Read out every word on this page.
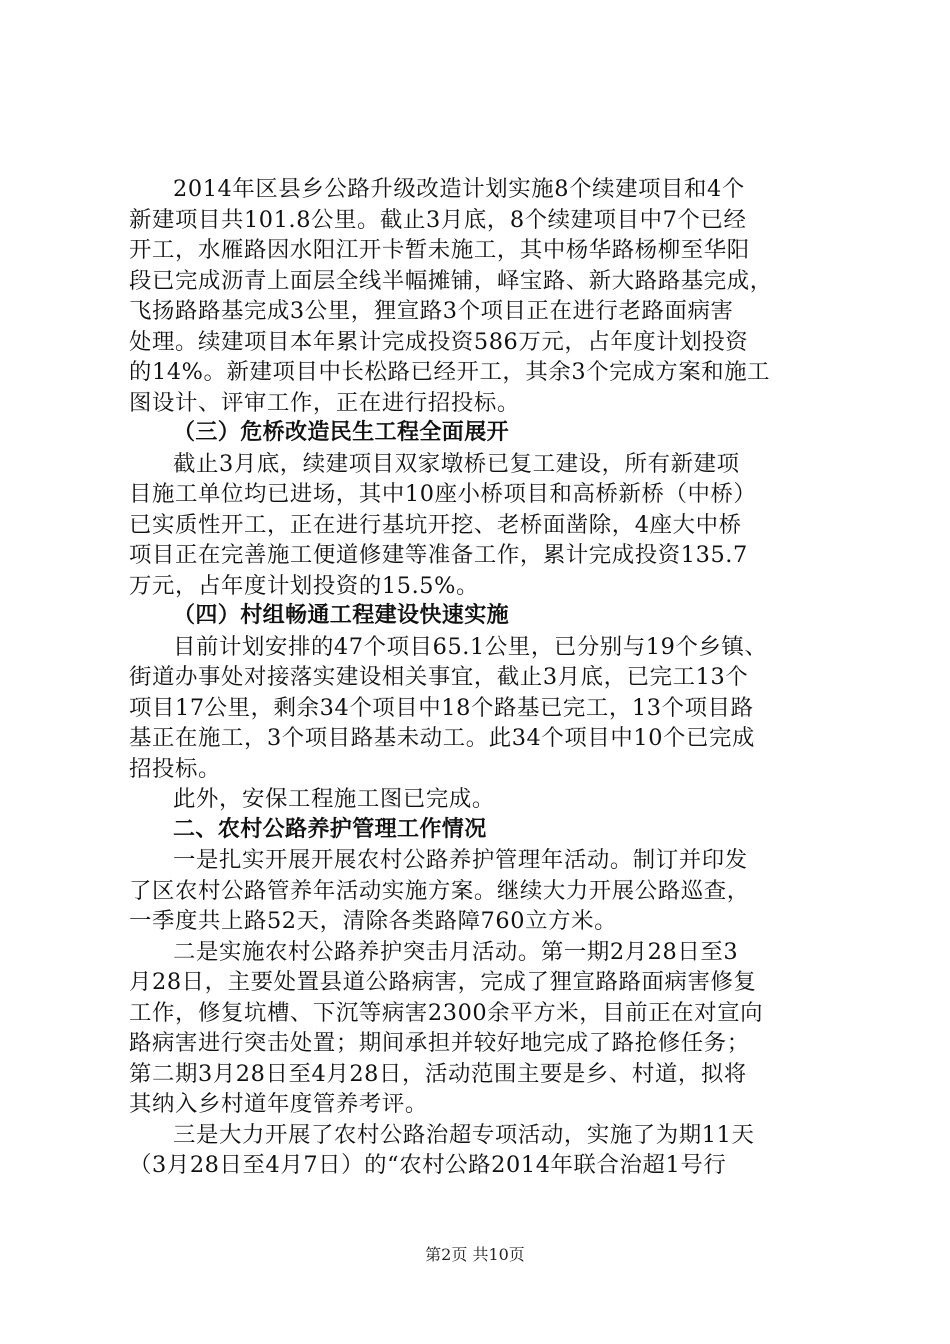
2014年区县乡公路升级改造计划实施8个续建项目和4个
新建项目共101.8公里。截止3月底，8个续建项目中7个已经
开工，水雁路因水阳江开卡暂未施工，其中杨华路杨柳至华阳
段已完成沥青上面层全线半幅摊铺，峄宝路、新大路路基完成，
飞扬路路基完成3公里，狸宣路3个项目正在进行老路面病害
处理。续建项目本年累计完成投资586万元，占年度计划投资
的14%。新建项目中长松路已经开工，其余3个完成方案和施工
图设计、评审工作，正在进行招投标。
（三）危桥改造民生工程全面展开
截止3月底，续建项目双家墩桥已复工建设，所有新建项
目施工单位均已进场，其中10座小桥项目和高桥新桥（中桥）
已实质性开工，正在进行基坑开挖、老桥面凿除，4座大中桥
项目正在完善施工便道修建等准备工作，累计完成投资135.7
万元，占年度计划投资的15.5%。
（四）村组畅通工程建设快速实施
目前计划安排的47个项目65.1公里，已分别与19个乡镇、
街道办事处对接落实建设相关事宜，截止3月底，已完工13个
项目17公里，剩余34个项目中18个路基已完工，13个项目路
基正在施工，3个项目路基未动工。此34个项目中10个已完成
招投标。
此外，安保工程施工图已完成。
二、农村公路养护管理工作情况
一是扎实开展开展农村公路养护管理年活动。制订并印发
了区农村公路管养年活动实施方案。继续大力开展公路巡查，
一季度共上路52天，清除各类路障760立方米。
二是实施农村公路养护突击月活动。第一期2月28日至3
月28日，主要处置县道公路病害，完成了狸宣路路面病害修复
工作，修复坑槽、下沉等病害2300余平方米，目前正在对宣向
路病害进行突击处置；期间承担并较好地完成了路抢修任务；
第二期3月28日至4月28日，活动范围主要是乡、村道，拟将
其纳入乡村道年度管养考评。
三是大力开展了农村公路治超专项活动，实施了为期11天
（3月28日至4月7日）的“农村公路2014年联合治超1号行
第2页 共10页
